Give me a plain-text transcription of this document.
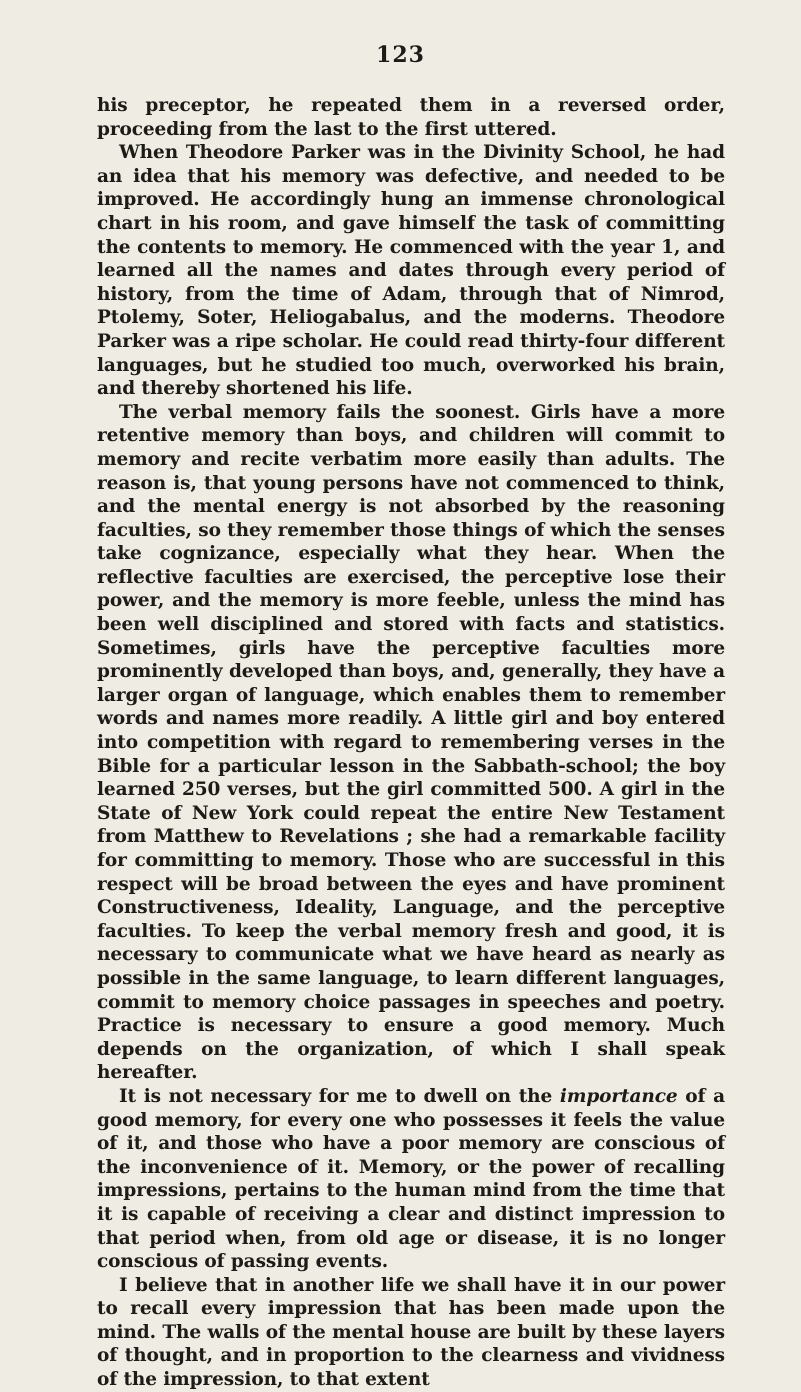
123

his preceptor, he repeated them in a reversed order, proceeding from the last to the first uttered.

When Theodore Parker was in the Divinity School, he had an idea that his memory was defective, and needed to be improved. He accordingly hung an immense chronological chart in his room, and gave himself the task of committing the contents to memory. He commenced with the year 1, and learned all the names and dates through every period of history, from the time of Adam, through that of Nimrod, Ptolemy, Soter, Heliogabalus, and the moderns. Theodore Parker was a ripe scholar. He could read thirty-four different languages, but he studied too much, overworked his brain, and thereby shortened his life.

The verbal memory fails the soonest. Girls have a more retentive memory than boys, and children will commit to memory and recite verbatim more easily than adults. The reason is, that young persons have not commenced to think, and the mental energy is not absorbed by the reasoning faculties, so they remember those things of which the senses take cognizance, especially what they hear. When the reflective faculties are exercised, the perceptive lose their power, and the memory is more feeble, unless the mind has been well disciplined and stored with facts and statistics. Sometimes, girls have the perceptive faculties more prominently developed than boys, and, generally, they have a larger organ of language, which enables them to remember words and names more readily. A little girl and boy entered into competition with regard to remembering verses in the Bible for a particular lesson in the Sabbath-school; the boy learned 250 verses, but the girl committed 500. A girl in the State of New York could repeat the entire New Testament from Matthew to Revelations ; she had a remarkable facility for committing to memory. Those who are successful in this respect will be broad between the eyes and have prominent Constructiveness, Ideality, Language, and the perceptive faculties. To keep the verbal memory fresh and good, it is necessary to communicate what we have heard as nearly as possible in the same language, to learn different languages, commit to memory choice passages in speeches and poetry. Practice is necessary to ensure a good memory. Much depends on the organization, of which I shall speak hereafter.

It is not necessary for me to dwell on the importance of a good memory, for every one who possesses it feels the value of it, and those who have a poor memory are conscious of the inconvenience of it. Memory, or the power of recalling impressions, pertains to the human mind from the time that it is capable of receiving a clear and distinct impression to that period when, from old age or disease, it is no longer conscious of passing events.

I believe that in another life we shall have it in our power to recall every impression that has been made upon the mind. The walls of the mental house are built by these layers of thought, and in proportion to the clearness and vividness of the impression, to that extent
